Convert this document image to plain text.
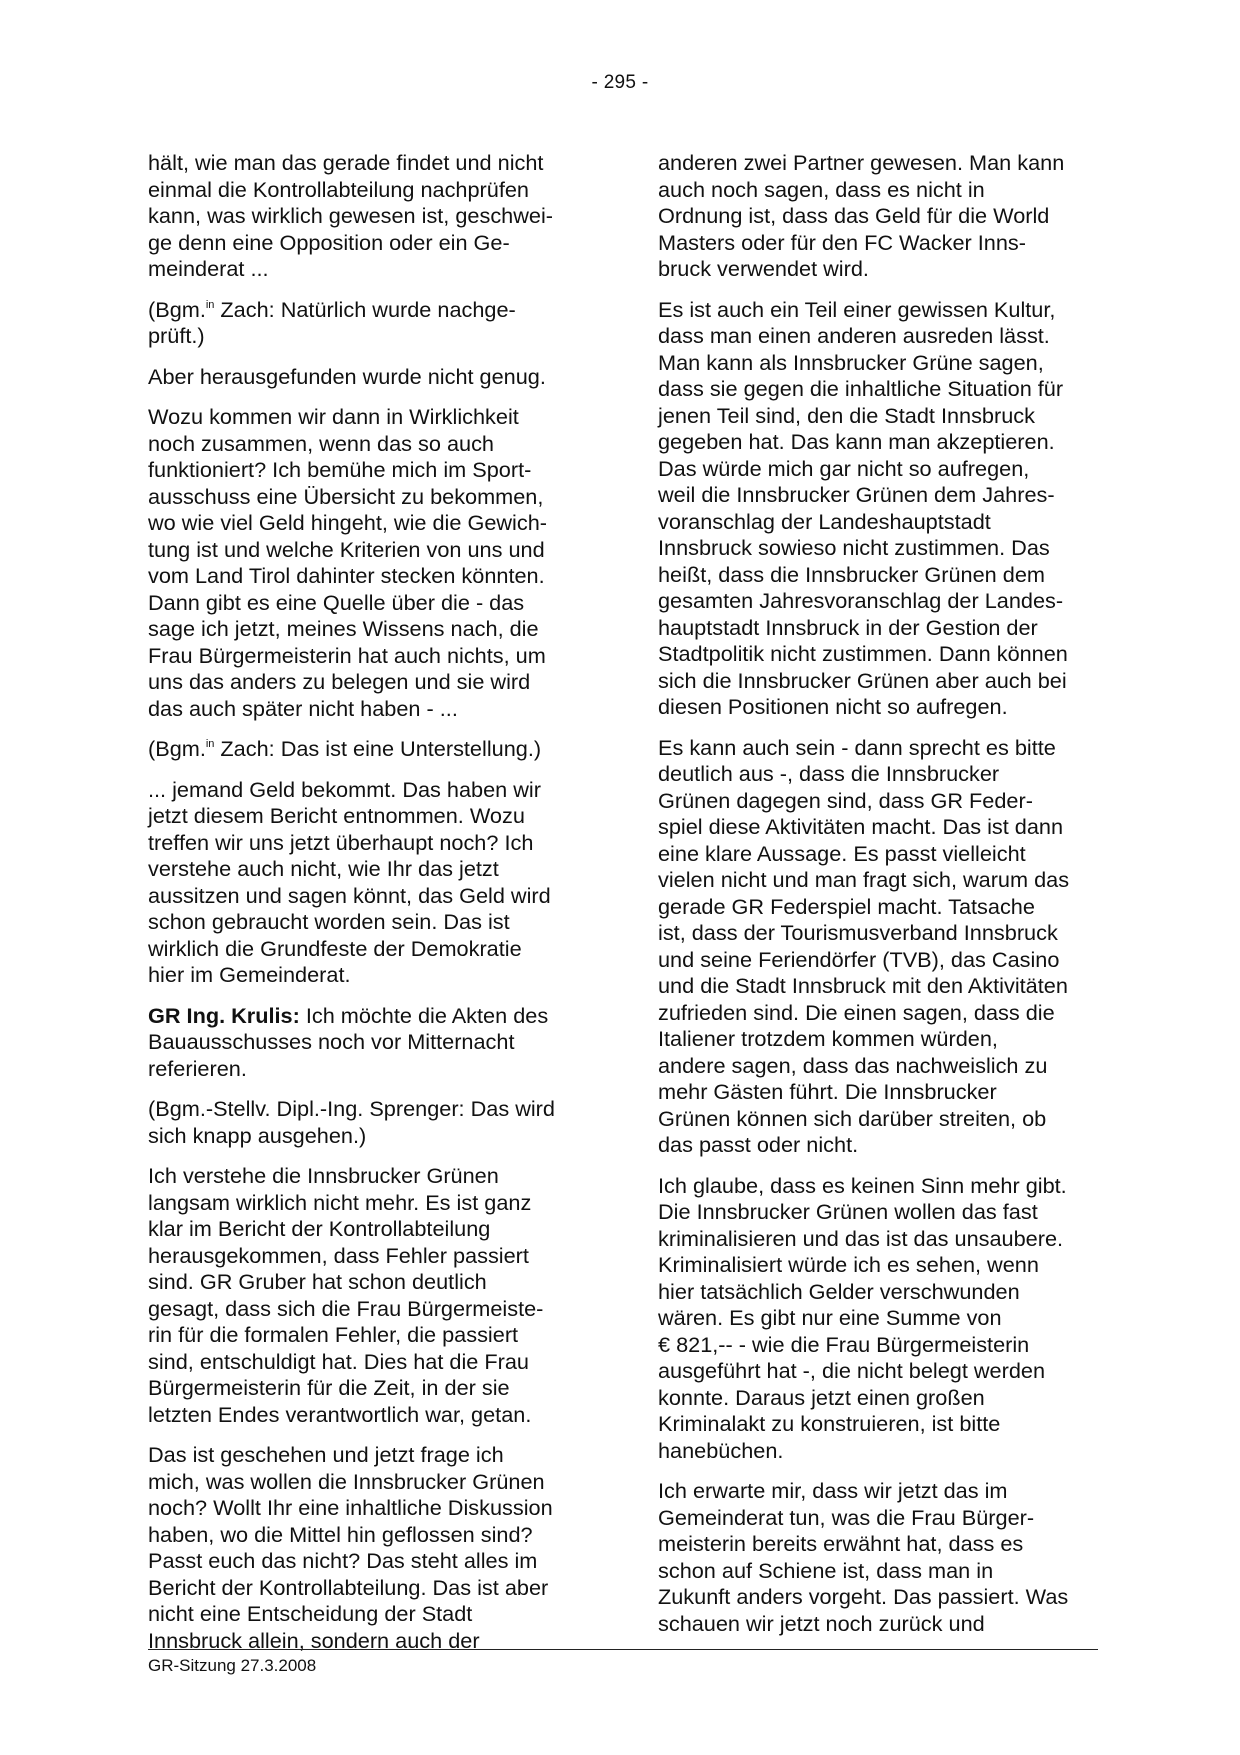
- 295 -

hält, wie man das gerade findet und nicht
einmal die Kontrollabteilung nachprüfen
kann, was wirklich gewesen ist, geschwei-
ge denn eine Opposition oder ein Ge-
meinderat ...

(Bgm.$^{in}$ Zach: Natürlich wurde nachge-
prüft.)

Aber herausgefunden wurde nicht genug.

Wozu kommen wir dann in Wirklichkeit
noch zusammen, wenn das so auch
funktioniert? Ich bemühe mich im Sport-
ausschuss eine Übersicht zu bekommen,
wo wie viel Geld hingeht, wie die Gewich-
tung ist und welche Kriterien von uns und
vom Land Tirol dahinter stecken könnten.
Dann gibt es eine Quelle über die - das
sage ich jetzt, meines Wissens nach, die
Frau Bürgermeisterin hat auch nichts, um
uns das anders zu belegen und sie wird
das auch später nicht haben - ...

(Bgm.$^{in}$ Zach: Das ist eine Unterstellung.)

... jemand Geld bekommt. Das haben wir
jetzt diesem Bericht entnommen. Wozu
treffen wir uns jetzt überhaupt noch? Ich
verstehe auch nicht, wie Ihr das jetzt
aussitzen und sagen könnt, das Geld wird
schon gebraucht worden sein. Das ist
wirklich die Grundfeste der Demokratie
hier im Gemeinderat.

GR Ing. Krulis: Ich möchte die Akten des
Bauausschusses noch vor Mitternacht
referieren.

(Bgm.-Stellv. Dipl.-Ing. Sprenger: Das wird
sich knapp ausgehen.)

Ich verstehe die Innsbrucker Grünen
langsam wirklich nicht mehr. Es ist ganz
klar im Bericht der Kontrollabteilung
herausgekommen, dass Fehler passiert
sind. GR Gruber hat schon deutlich
gesagt, dass sich die Frau Bürgermeiste-
rin für die formalen Fehler, die passiert
sind, entschuldigt hat. Dies hat die Frau
Bürgermeisterin für die Zeit, in der sie
letzten Endes verantwortlich war, getan.

Das ist geschehen und jetzt frage ich
mich, was wollen die Innsbrucker Grünen
noch? Wollt Ihr eine inhaltliche Diskussion
haben, wo die Mittel hin geflossen sind?
Passt euch das nicht? Das steht alles im
Bericht der Kontrollabteilung. Das ist aber
nicht eine Entscheidung der Stadt
Innsbruck allein, sondern auch der

anderen zwei Partner gewesen. Man kann
auch noch sagen, dass es nicht in
Ordnung ist, dass das Geld für die World
Masters oder für den FC Wacker Inns-
bruck verwendet wird.

Es ist auch ein Teil einer gewissen Kultur,
dass man einen anderen ausreden lässt.
Man kann als Innsbrucker Grüne sagen,
dass sie gegen die inhaltliche Situation für
jenen Teil sind, den die Stadt Innsbruck
gegeben hat. Das kann man akzeptieren.
Das würde mich gar nicht so aufregen,
weil die Innsbrucker Grünen dem Jahres-
voranschlag der Landeshauptstadt
Innsbruck sowieso nicht zustimmen. Das
heißt, dass die Innsbrucker Grünen dem
gesamten Jahresvoranschlag der Landes-
hauptstadt Innsbruck in der Gestion der
Stadtpolitik nicht zustimmen. Dann können
sich die Innsbrucker Grünen aber auch bei
diesen Positionen nicht so aufregen.

Es kann auch sein - dann sprecht es bitte
deutlich aus -, dass die Innsbrucker
Grünen dagegen sind, dass GR Feder-
spiel diese Aktivitäten macht. Das ist dann
eine klare Aussage. Es passt vielleicht
vielen nicht und man fragt sich, warum das
gerade GR Federspiel macht. Tatsache
ist, dass der Tourismusverband Innsbruck
und seine Feriendörfer (TVB), das Casino
und die Stadt Innsbruck mit den Aktivitäten
zufrieden sind. Die einen sagen, dass die
Italiener trotzdem kommen würden,
andere sagen, dass das nachweislich zu
mehr Gästen führt. Die Innsbrucker
Grünen können sich darüber streiten, ob
das passt oder nicht.

Ich glaube, dass es keinen Sinn mehr gibt.
Die Innsbrucker Grünen wollen das fast
kriminalisieren und das ist das unsaubere.
Kriminalisiert würde ich es sehen, wenn
hier tatsächlich Gelder verschwunden
wären. Es gibt nur eine Summe von
€ 821,-- - wie die Frau Bürgermeisterin
ausgeführt hat -, die nicht belegt werden
konnte. Daraus jetzt einen großen
Kriminalakt zu konstruieren, ist bitte
hanebüchen.

Ich erwarte mir, dass wir jetzt das im
Gemeinderat tun, was die Frau Bürger-
meisterin bereits erwähnt hat, dass es
schon auf Schiene ist, dass man in
Zukunft anders vorgeht. Das passiert. Was
schauen wir jetzt noch zurück und

GR-Sitzung 27.3.2008
